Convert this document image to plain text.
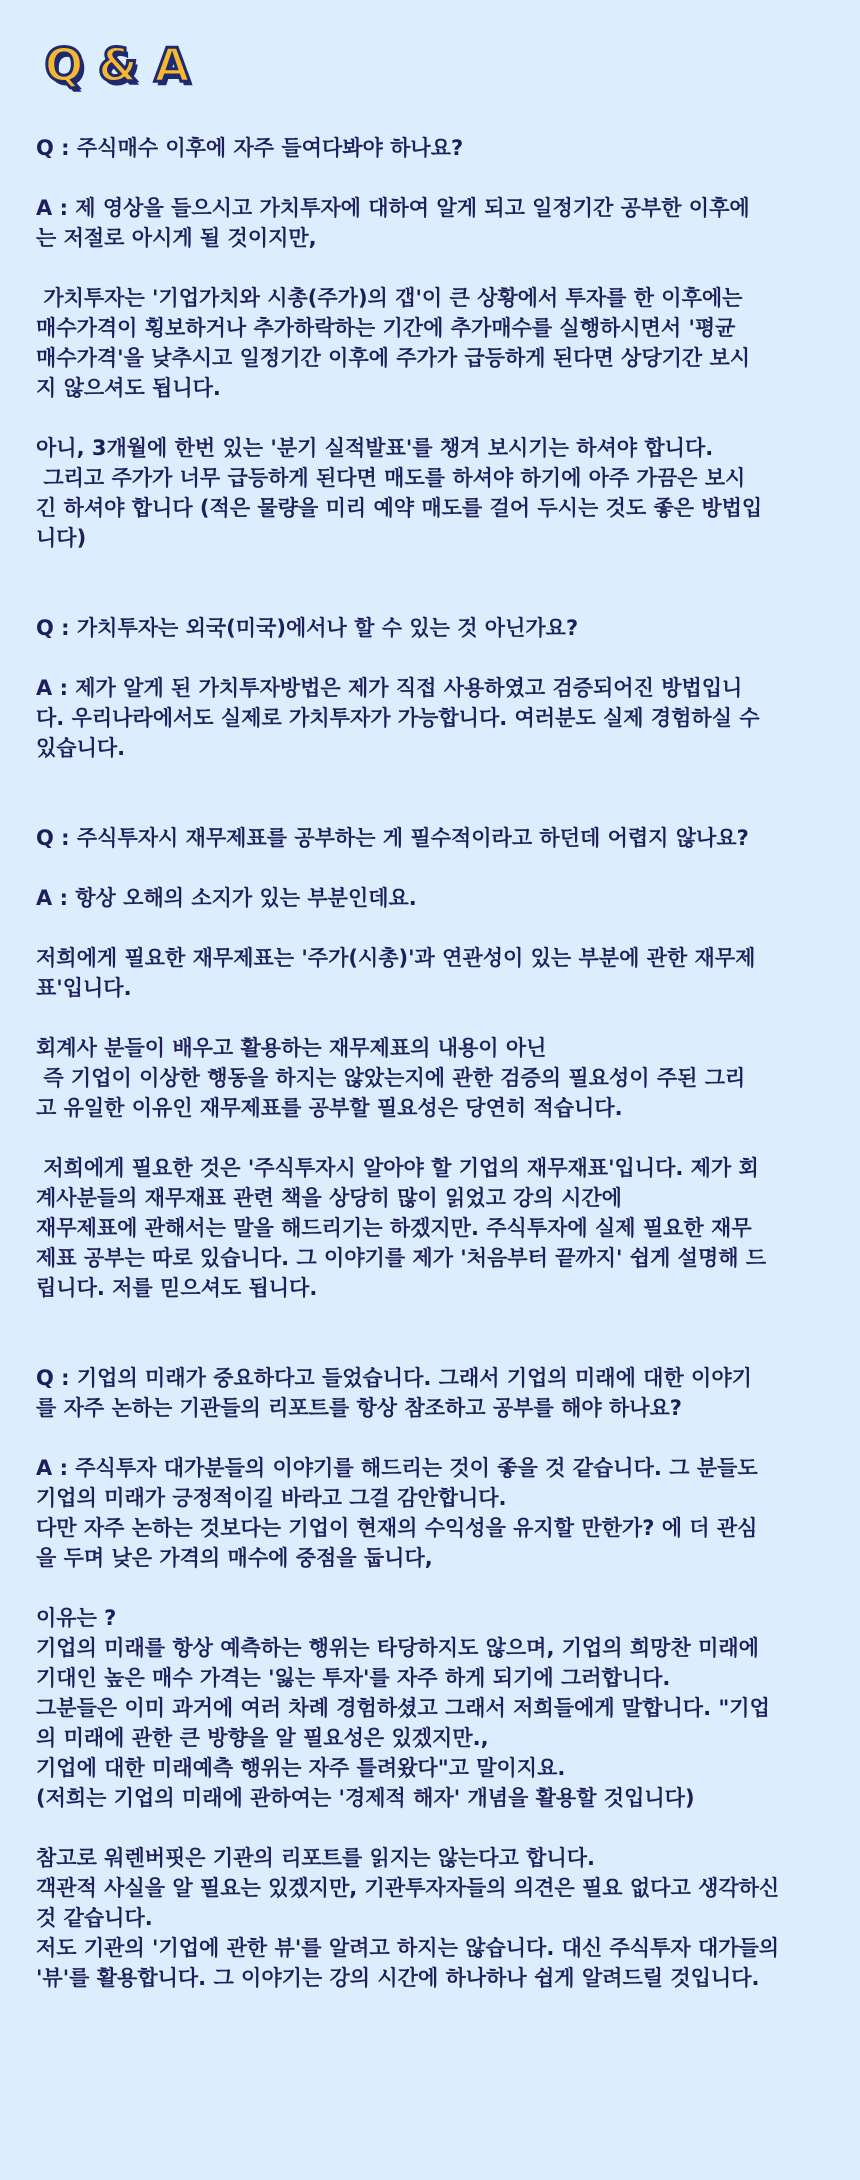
Q & A

Q : 주식매수 이후에 자주 들여다봐야 하나요?

A : 제 영상을 들으시고 가치투자에 대하여 알게 되고 일정기간 공부한 이후에
는 저절로 아시게 될 것이지만,

가치투자는 '기업가치와 시총(주가)의 갭'이 큰 상황에서 투자를 한 이후에는
매수가격이 횡보하거나 추가하락하는 기간에 추가매수를 실행하시면서 '평균
매수가격'을 낮추시고 일정기간 이후에 주가가 급등하게 된다면 상당기간 보시
지 않으셔도 됩니다.

아니, 3개월에 한번 있는 '분기 실적발표'를 챙겨 보시기는 하셔야 합니다.
그리고 주가가 너무 급등하게 된다면 매도를 하셔야 하기에 아주 가끔은 보시
긴 하셔야 합니다 (적은 물량을 미리 예약 매도를 걸어 두시는 것도 좋은 방법입
니다)

Q : 가치투자는 외국(미국)에서나 할 수 있는 것 아닌가요?

A : 제가 알게 된 가치투자방법은 제가 직접 사용하였고 검증되어진 방법입니
다. 우리나라에서도 실제로 가치투자가 가능합니다. 여러분도 실제 경험하실 수
있습니다.

Q : 주식투자시 재무제표를 공부하는 게 필수적이라고 하던데 어렵지 않나요?

A : 항상 오해의 소지가 있는 부분인데요.

저희에게 필요한 재무제표는 '주가(시총)'과 연관성이 있는 부분에 관한 재무제
표'입니다.

회계사 분들이 배우고 활용하는 재무제표의 내용이 아닌
즉 기업이 이상한 행동을 하지는 않았는지에 관한 검증의 필요성이 주된 그리
고 유일한 이유인 재무제표를 공부할 필요성은 당연히 적습니다.

저희에게 필요한 것은 '주식투자시 알아야 할 기업의 재무재표'입니다. 제가 회
계사분들의 재무재표 관련 책을 상당히 많이 읽었고 강의 시간에
재무제표에 관해서는 말을 해드리기는 하겠지만. 주식투자에 실제 필요한 재무
제표 공부는 따로 있습니다. 그 이야기를 제가 '처음부터 끝까지' 쉽게 설명해 드
립니다. 저를 믿으셔도 됩니다.

Q : 기업의 미래가 중요하다고 들었습니다. 그래서 기업의 미래에 대한 이야기
를 자주 논하는 기관들의 리포트를 항상 참조하고 공부를 해야 하나요?

A : 주식투자 대가분들의 이야기를 해드리는 것이 좋을 것 같습니다. 그 분들도
기업의 미래가 긍정적이길 바라고 그걸 감안합니다.
다만 자주 논하는 것보다는 기업이 현재의 수익성을 유지할 만한가? 에 더 관심
을 두며 낮은 가격의 매수에 중점을 둡니다,

이유는 ?
기업의 미래를 항상 예측하는 행위는 타당하지도 않으며, 기업의 희망찬 미래에
기대인 높은 매수 가격는 '잃는 투자'를 자주 하게 되기에 그러합니다.
그분들은 이미 과거에 여러 차례 경험하셨고 그래서 저희들에게 말합니다. "기업
의 미래에 관한 큰 방향을 알 필요성은 있겠지만.,
기업에 대한 미래예측 행위는 자주 틀려왔다"고 말이지요.
(저희는 기업의 미래에 관하여는 '경제적 해자' 개념을 활용할 것입니다)

참고로 워렌버핏은 기관의 리포트를 읽지는 않는다고 합니다.
객관적 사실을 알 필요는 있겠지만, 기관투자자들의 의견은 필요 없다고 생각하신
것 같습니다.
저도 기관의 '기업에 관한 뷰'를 알려고 하지는 않습니다. 대신 주식투자 대가들의
'뷰'를 활용합니다. 그 이야기는 강의 시간에 하나하나 쉽게 알려드릴 것입니다.
